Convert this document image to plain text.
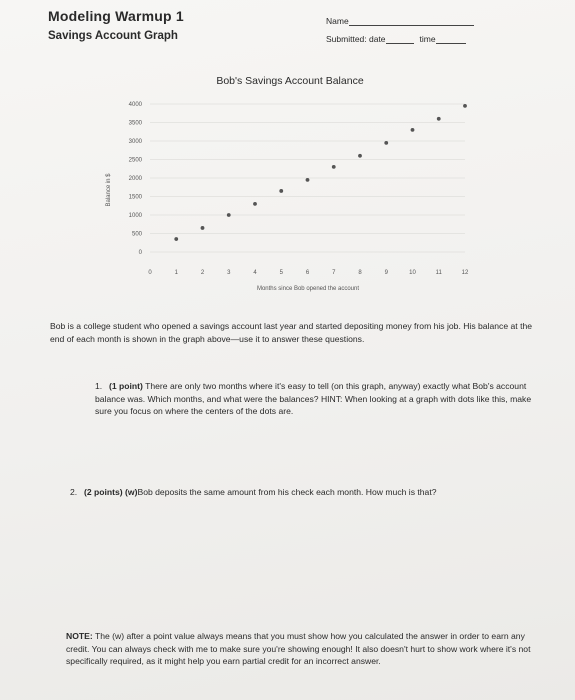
Modeling Warmup 1
Savings Account Graph
Name
Submitted: date	time
Bob's Savings Account Balance
0
500
1000
1500
2000
2500
3000
3500
4000
0	1	2	3	4	5	6	7	8	9	10	11	12
Balance in $
Months since Bob opened the account
Bob is a college student who opened a savings account last year and started depositing money from his job. His balance at the end of each month is shown in the graph above—use it to answer these questions.
1. (1 point) There are only two months where it's easy to tell (on this graph, anyway) exactly what Bob's account balance was. Which months, and what were the balances? HINT: When looking at a graph with dots like this, make sure you focus on where the centers of the dots are.
2. (2 points) (w)Bob deposits the same amount from his check each month. How much is that?
NOTE: The (w) after a point value always means that you must show how you calculated the answer in order to earn any credit. You can always check with me to make sure you're showing enough! It also doesn't hurt to show work where it's not specifically required, as it might help you earn partial credit for an incorrect answer.
